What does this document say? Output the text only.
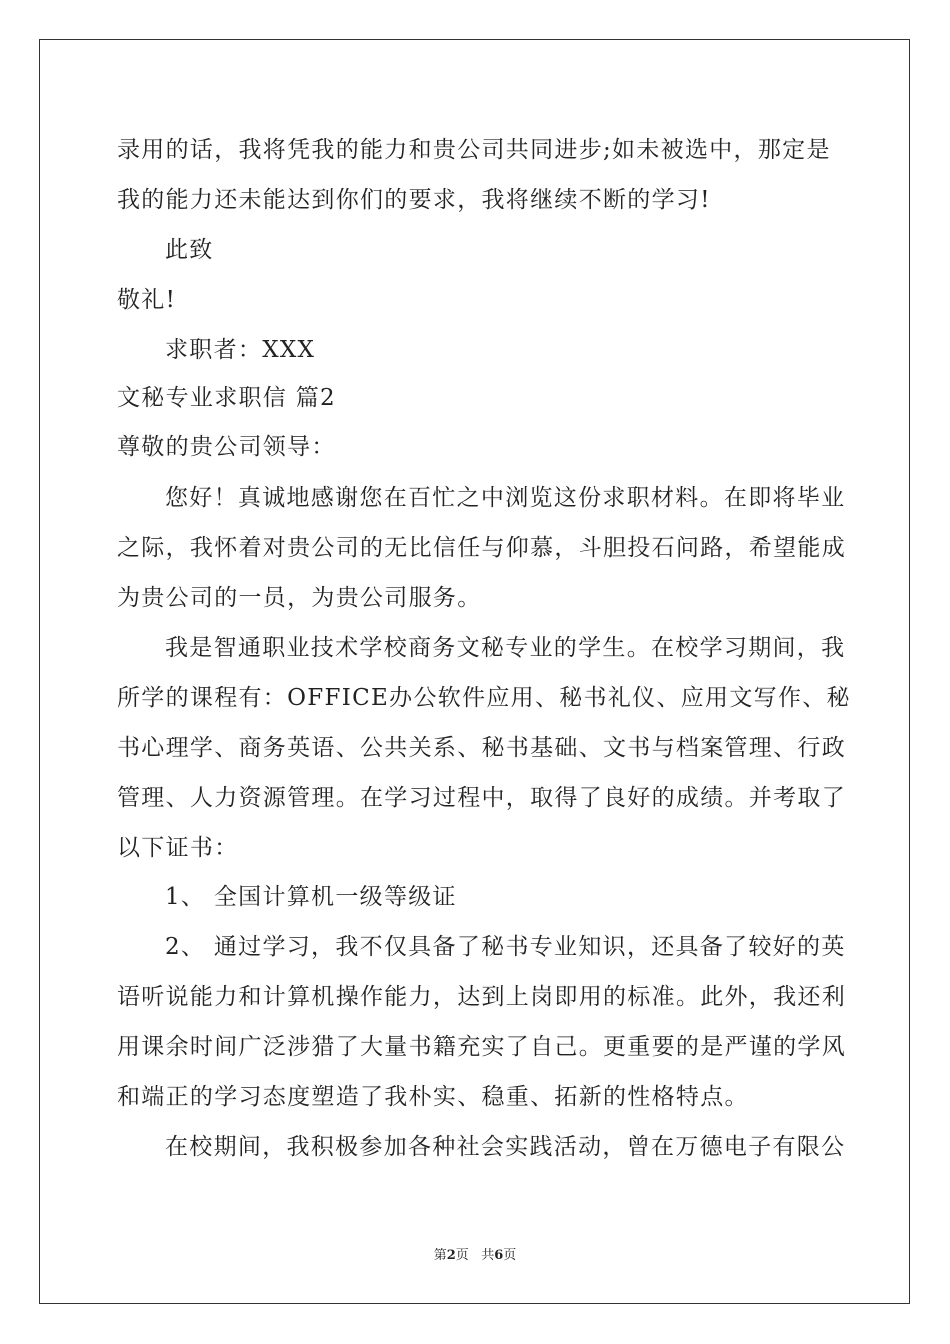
录用的话，我将凭我的能力和贵公司共同进步;如未被选中，那定是
我的能力还未能达到你们的要求，我将继续不断的学习!
此致
敬礼!
求职者：XXX
文秘专业求职信 篇2
尊敬的贵公司领导：
您好！真诚地感谢您在百忙之中浏览这份求职材料。在即将毕业
之际，我怀着对贵公司的无比信任与仰慕，斗胆投石问路，希望能成
为贵公司的一员，为贵公司服务。
我是智通职业技术学校商务文秘专业的学生。在校学习期间，我
所学的课程有：OFFICE办公软件应用、秘书礼仪、应用文写作、秘
书心理学、商务英语、公共关系、秘书基础、文书与档案管理、行政
管理、人力资源管理。在学习过程中，取得了良好的成绩。并考取了
以下证书：
1、 全国计算机一级等级证
2、 通过学习，我不仅具备了秘书专业知识，还具备了较好的英
语听说能力和计算机操作能力，达到上岗即用的标准。此外，我还利
用课余时间广泛涉猎了大量书籍充实了自己。更重要的是严谨的学风
和端正的学习态度塑造了我朴实、稳重、拓新的性格特点。
在校期间，我积极参加各种社会实践活动，曾在万德电子有限公
第2页 共6页
